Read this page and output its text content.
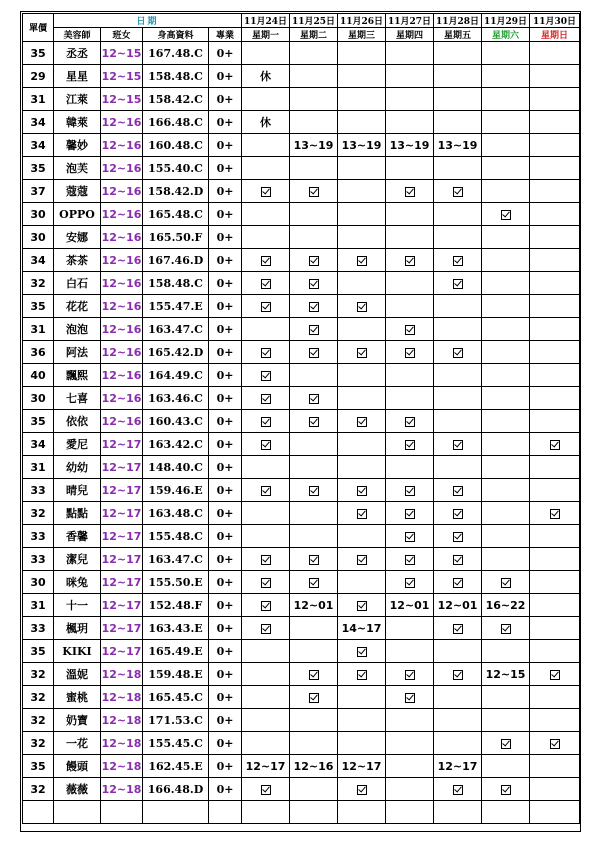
單價	日期				11月24日	11月25日	11月26日	11月27日	11月28日	11月29日	11月30日
	美容師	班女	身高資料	專業	星期一	星期二	星期三	星期四	星期五	星期六	星期日
35	丞丞	12~15	167.48.C	0+							
29	星星	12~15	158.48.C	0+	休						
31	江萊	12~15	158.42.C	0+							
34	韓萊	12~16	166.48.C	0+	休						
34	馨妙	12~16	160.48.C	0+		13~19	13~19	13~19	13~19		
35	泡芙	12~16	155.40.C	0+							
37	蔻蔻	12~16	158.42.D	0+							
30	OPPO	12~16	165.48.C	0+							
30	安娜	12~16	165.50.F	0+							
34	茶茶	12~16	167.46.D	0+							
32	白石	12~16	158.48.C	0+							
35	花花	12~16	155.47.E	0+							
31	泡泡	12~16	163.47.C	0+							
36	阿法	12~16	165.42.D	0+							
40	飄熙	12~16	164.49.C	0+							
30	七喜	12~16	163.46.C	0+							
35	依依	12~16	160.43.C	0+							
34	愛尼	12~17	163.42.C	0+							
31	幼幼	12~17	148.40.C	0+							
33	晴兒	12~17	159.46.E	0+							
32	點點	12~17	163.48.C	0+							
33	香馨	12~17	155.48.C	0+							
33	潔兒	12~17	163.47.C	0+							
30	咪兔	12~17	155.50.E	0+							
31	十一	12~17	152.48.F	0+		12~01		12~01	12~01	16~22	
33	楓玥	12~17	163.43.E	0+			14~17				
35	KIKI	12~17	165.49.E	0+							
32	溫妮	12~18	159.48.E	0+						12~15	
32	蜜桃	12~18	165.45.C	0+							
32	奶寶	12~18	171.53.C	0+							
32	一花	12~18	155.45.C	0+							
35	饅頭	12~18	162.45.E	0+	12~17	12~16	12~17		12~17		
32	薇薇	12~18	166.48.D	0+							
